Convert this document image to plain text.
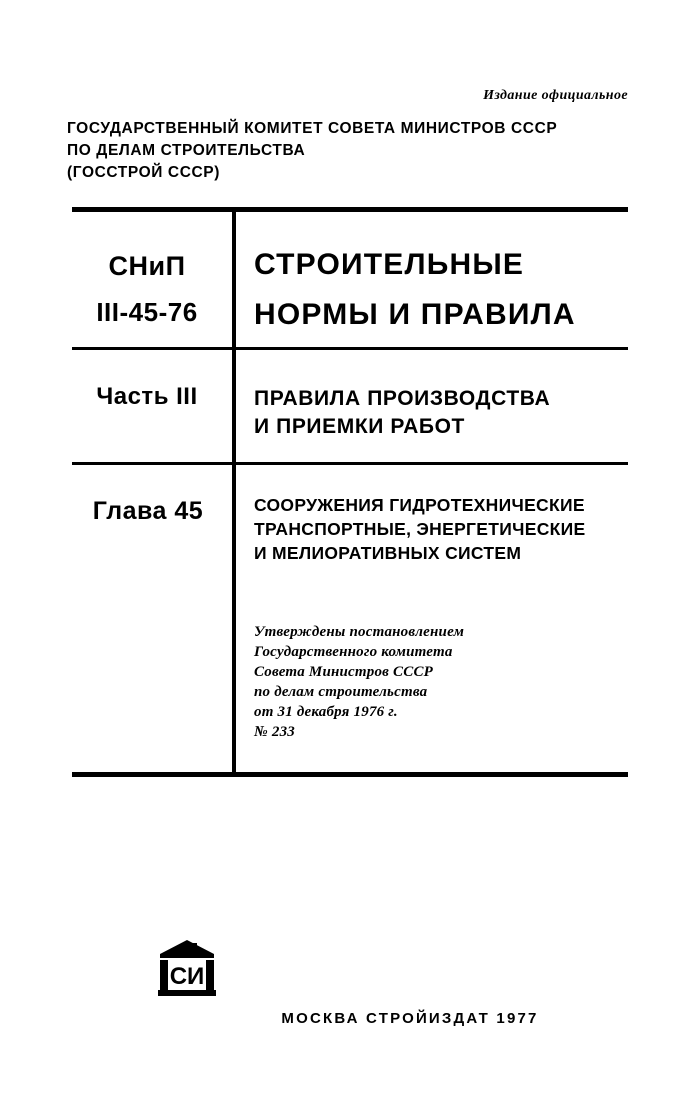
Издание официальное
ГОСУДАРСТВЕННЫЙ КОМИТЕТ СОВЕТА МИНИСТРОВ СССР
ПО ДЕЛАМ СТРОИТЕЛЬСТВА
(ГОССТРОЙ СССР)
СНиП
III-45-76
СТРОИТЕЛЬНЫЕ
НОРМЫ И ПРАВИЛА
Часть III	ПРАВИЛА ПРОИЗВОДСТВА
И ПРИЕМКИ РАБОТ
Глава 45	СООРУЖЕНИЯ ГИДРОТЕХНИЧЕСКИЕ
ТРАНСПОРТНЫЕ, ЭНЕРГЕТИЧЕСКИЕ
И МЕЛИОРАТИВНЫХ СИСТЕМ
Утверждены постановлением
Государственного комитета
Совета Министров СССР
по делам строительства
от 31 декабря 1976 г.
№ 233
СИ
МОСКВА СТРОЙИЗДАТ 1977
